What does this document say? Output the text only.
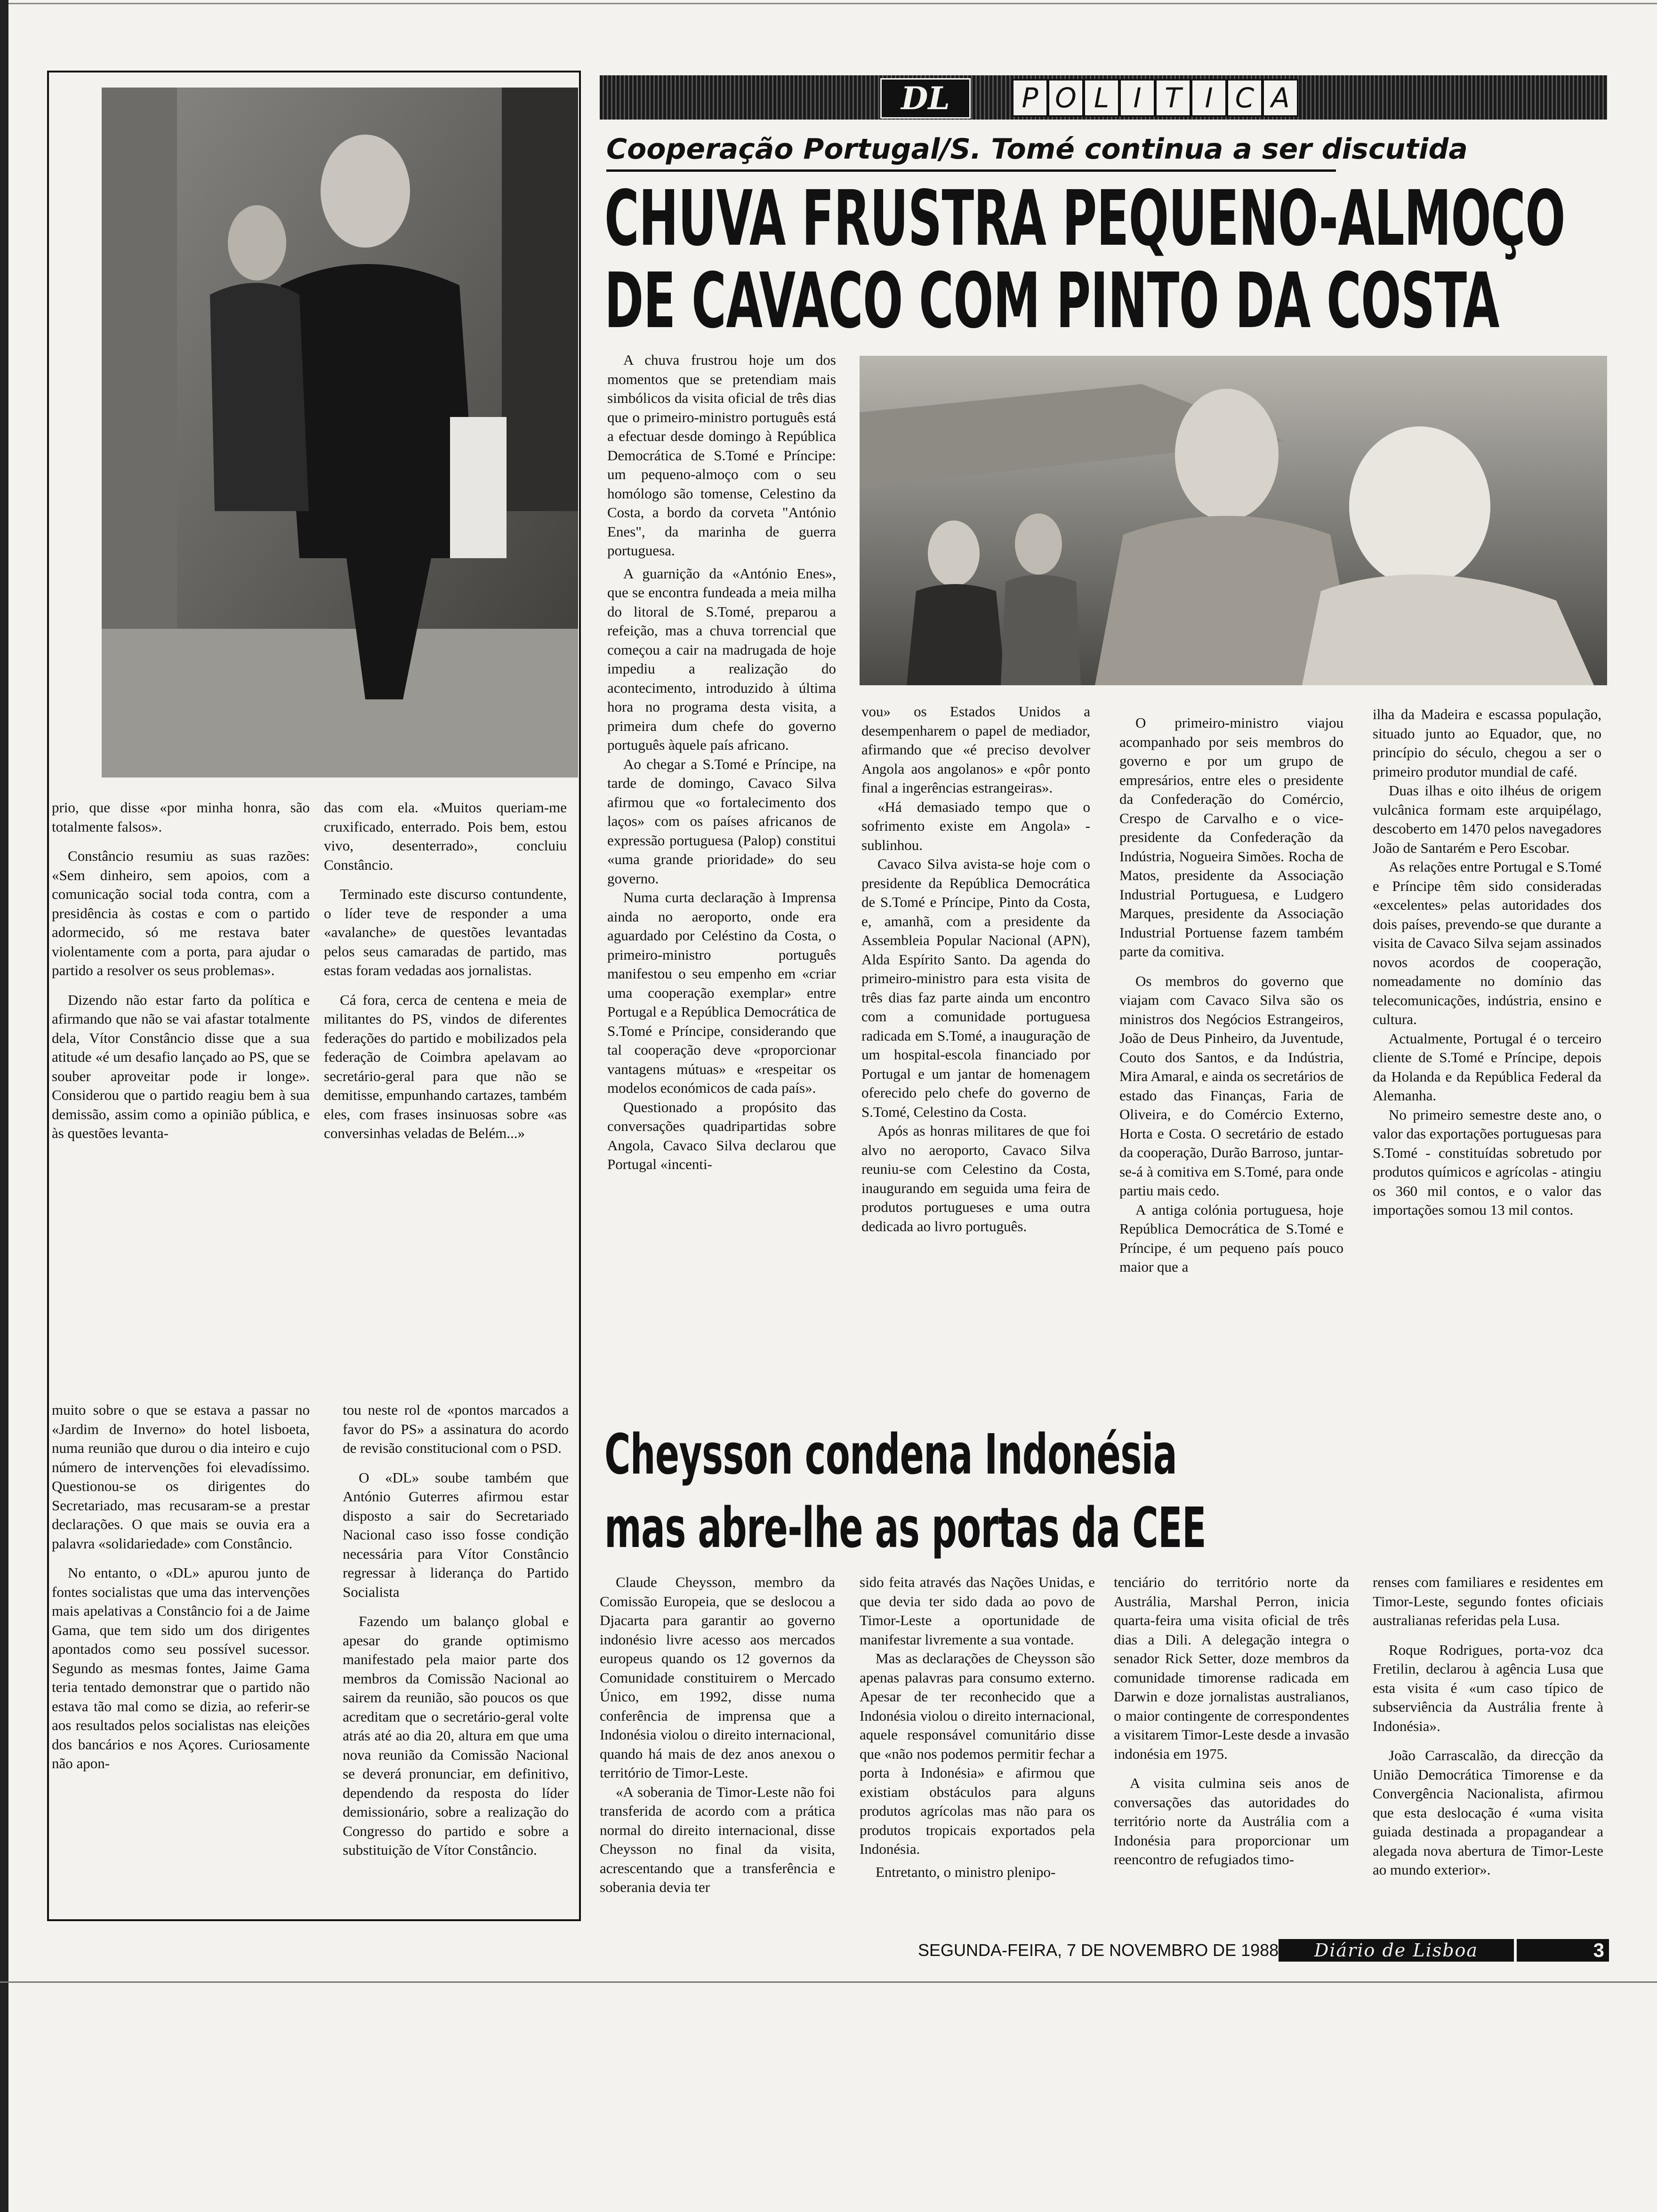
prio, que disse «por minha honra, são totalmente falsos».

Constâncio resumiu as suas razões: «Sem dinheiro, sem apoios, com a comunicação social toda contra, com a presidência às costas e com o partido adormecido, só me restava bater violentamente com a porta, para ajudar o partido a resolver os seus problemas».

Dizendo não estar farto da política e afirmando que não se vai afastar totalmente dela, Vítor Constâncio disse que a sua atitude «é um desafio lançado ao PS, que se souber aproveitar pode ir longe». Considerou que o partido reagiu bem à sua demissão, assim como a opinião pública, e às questões levanta-

das com ela. «Muitos queriam-me cruxificado, enterrado. Pois bem, estou vivo, desenterrado», concluiu Constâncio.

Terminado este discurso contundente, o líder teve de responder a uma «avalanche» de questões levantadas pelos seus camaradas de partido, mas estas foram vedadas aos jornalistas.

Cá fora, cerca de centena e meia de militantes do PS, vindos de diferentes federações do partido e mobilizados pela federação de Coimbra apelavam ao secretário-geral para que não se demitisse, empunhando cartazes, também eles, com frases insinuosas sobre «as conversinhas veladas de Belém...»

muito sobre o que se estava a passar no «Jardim de Inverno» do hotel lisboeta, numa reunião que durou o dia inteiro e cujo número de intervenções foi elevadíssimo. Questionou-se os dirigentes do Secretariado, mas recusaram-se a prestar declarações. O que mais se ouvia era a palavra «solidariedade» com Constâncio.

No entanto, o «DL» apurou junto de fontes socialistas que uma das intervenções mais apelativas a Constâncio foi a de Jaime Gama, que tem sido um dos dirigentes apontados como seu possível sucessor. Segundo as mesmas fontes, Jaime Gama teria tentado demonstrar que o partido não estava tão mal como se dizia, ao referir-se aos resultados pelos socialistas nas eleições dos bancários e nos Açores. Curiosamente não apon-

tou neste rol de «pontos marcados a favor do PS» a assinatura do acordo de revisão constitucional com o PSD.

O «DL» soube também que António Guterres afirmou estar disposto a sair do Secretariado Nacional caso isso fosse condição necessária para Vítor Constâncio regressar à liderança do Partido Socialista

Fazendo um balanço global e apesar do grande optimismo manifestado pela maior parte dos membros da Comissão Nacional ao sairem da reunião, são poucos os que acreditam que o secretário-geral volte atrás até ao dia 20, altura em que uma nova reunião da Comissão Nacional se deverá pronunciar, em definitivo, dependendo da resposta do líder demissionário, sobre a realização do Congresso do partido e sobre a substituição de Vítor Constâncio.

DL	P O L I T I C A
Cooperação Portugal/S. Tomé continua a ser discutida
CHUVA FRUSTRA PEQUENO-ALMOÇO
DE CAVACO COM PINTO DA COSTA

A chuva frustrou hoje um dos momentos que se pretendiam mais simbólicos da visita oficial de três dias que o primeiro-ministro português está a efectuar desde domingo à República Democrática de S.Tomé e Príncipe: um pequeno-almoço com o seu homólogo são tomense, Celestino da Costa, a bordo da corveta "António Enes", da marinha de guerra portuguesa.

A guarnição da «António Enes», que se encontra fundeada a meia milha do litoral de S.Tomé, preparou a refeição, mas a chuva torrencial que começou a cair na madrugada de hoje impediu a realização do acontecimento, introduzido à última hora no programa desta visita, a primeira dum chefe do governo português àquele país africano.

Ao chegar a S.Tomé e Príncipe, na tarde de domingo, Cavaco Silva afirmou que «o fortalecimento dos laços» com os países africanos de expressão portuguesa (Palop) constitui «uma grande prioridade» do seu governo.

Numa curta declaração à Imprensa ainda no aeroporto, onde era aguardado por Celéstino da Costa, o primeiro-ministro português manifestou o seu empenho em «criar uma cooperação exemplar» entre Portugal e a República Democrática de S.Tomé e Príncipe, considerando que tal cooperação deve «proporcionar vantagens mútuas» e «respeitar os modelos económicos de cada país».

Questionado a propósito das conversações quadripartidas sobre Angola, Cavaco Silva declarou que Portugal «incenti-

vou» os Estados Unidos a desempenharem o papel de mediador, afirmando que «é preciso devolver Angola aos angolanos» e «pôr ponto final a ingerências estrangeiras».

«Há demasiado tempo que o sofrimento existe em Angola» - sublinhou.

Cavaco Silva avista-se hoje com o presidente da República Democrática de S.Tomé e Príncipe, Pinto da Costa, e, amanhã, com a presidente da Assembleia Popular Nacional (APN), Alda Espírito Santo. Da agenda do primeiro-ministro para esta visita de três dias faz parte ainda um encontro com a comunidade portuguesa radicada em S.Tomé, a inauguração de um hospital-escola financiado por Portugal e um jantar de homenagem oferecido pelo chefe do governo de S.Tomé, Celestino da Costa.

Após as honras militares de que foi alvo no aeroporto, Cavaco Silva reuniu-se com Celestino da Costa, inaugurando em seguida uma feira de produtos portugueses e uma outra dedicada ao livro português.

O primeiro-ministro viajou acompanhado por seis membros do governo e por um grupo de empresários, entre eles o presidente da Confederação do Comércio, Crespo de Carvalho e o vice-presidente da Confederação da Indústria, Nogueira Simões. Rocha de Matos, presidente da Associação Industrial Portuguesa, e Ludgero Marques, presidente da Associação Industrial Portuense fazem também parte da comitiva.

Os membros do governo que viajam com Cavaco Silva são os ministros dos Negócios Estrangeiros, João de Deus Pinheiro, da Juventude, Couto dos Santos, e da Indústria, Mira Amaral, e ainda os secretários de estado das Finanças, Faria de Oliveira, e do Comércio Externo, Horta e Costa. O secretário de estado da cooperação, Durão Barroso, juntar-se-á à comitiva em S.Tomé, para onde partiu mais cedo.

A antiga colónia portuguesa, hoje República Democrática de S.Tomé e Príncipe, é um pequeno país pouco maior que a

ilha da Madeira e escassa população, situado junto ao Equador, que, no princípio do século, chegou a ser o primeiro produtor mundial de café.

Duas ilhas e oito ilhéus de origem vulcânica formam este arquipélago, descoberto em 1470 pelos navegadores João de Santarém e Pero Escobar.

As relações entre Portugal e S.Tomé e Príncipe têm sido consideradas «excelentes» pelas autoridades dos dois países, prevendo-se que durante a visita de Cavaco Silva sejam assinados novos acordos de cooperação, nomeadamente no domínio das telecomunicações, indústria, ensino e cultura.

Actualmente, Portugal é o terceiro cliente de S.Tomé e Príncipe, depois da Holanda e da República Federal da Alemanha.

No primeiro semestre deste ano, o valor das exportações portuguesas para S.Tomé - constituídas sobretudo por produtos químicos e agrícolas - atingiu os 360 mil contos, e o valor das importações somou 13 mil contos.

Cheysson condena Indonésia
mas abre-lhe as portas da CEE

Claude Cheysson, membro da Comissão Europeia, que se deslocou a Djacarta para garantir ao governo indonésio livre acesso aos mercados europeus quando os 12 governos da Comunidade constituirem o Mercado Único, em 1992, disse numa conferência de imprensa que a Indonésia violou o direito internacional, quando há mais de dez anos anexou o território de Timor-Leste.

«A soberania de Timor-Leste não foi transferida de acordo com a prática normal do direito internacional, disse Cheysson no final da visita, acrescentando que a transferência e soberania devia ter

sido feita através das Nações Unidas, e que devia ter sido dada ao povo de Timor-Leste a oportunidade de manifestar livremente a sua vontade.

Mas as declarações de Cheysson são apenas palavras para consumo externo. Apesar de ter reconhecido que a Indonésia violou o direito internacional, aquele responsável comunitário disse que «não nos podemos permitir fechar a porta à Indonésia» e afirmou que existiam obstáculos para alguns produtos agrícolas mas não para os produtos tropicais exportados pela Indonésia.

Entretanto, o ministro plenipo-

tenciário do território norte da Austrália, Marshal Perron, inicia quarta-feira uma visita oficial de três dias a Dili. A delegação integra o senador Rick Setter, doze membros da comunidade timorense radicada em Darwin e doze jornalistas australianos, o maior contingente de correspondentes a visitarem Timor-Leste desde a invasão indonésia em 1975.

A visita culmina seis anos de conversações das autoridades do território norte da Austrália com a Indonésia para proporcionar um reencontro de refugiados timo-

renses com familiares e residentes em Timor-Leste, segundo fontes oficiais australianas referidas pela Lusa.

Roque Rodrigues, porta-voz dca Fretilin, declarou à agência Lusa que esta visita é «um caso típico de subserviência da Austrália frente à Indonésia».

João Carrascalão, da direcção da União Democrática Timorense e da Convergência Nacionalista, afirmou que esta deslocação é «uma visita guiada destinada a propagandear a alegada nova abertura de Timor-Leste ao mundo exterior».

SEGUNDA-FEIRA, 7 DE NOVEMBRO DE 1988	Diário de Lisboa	3
